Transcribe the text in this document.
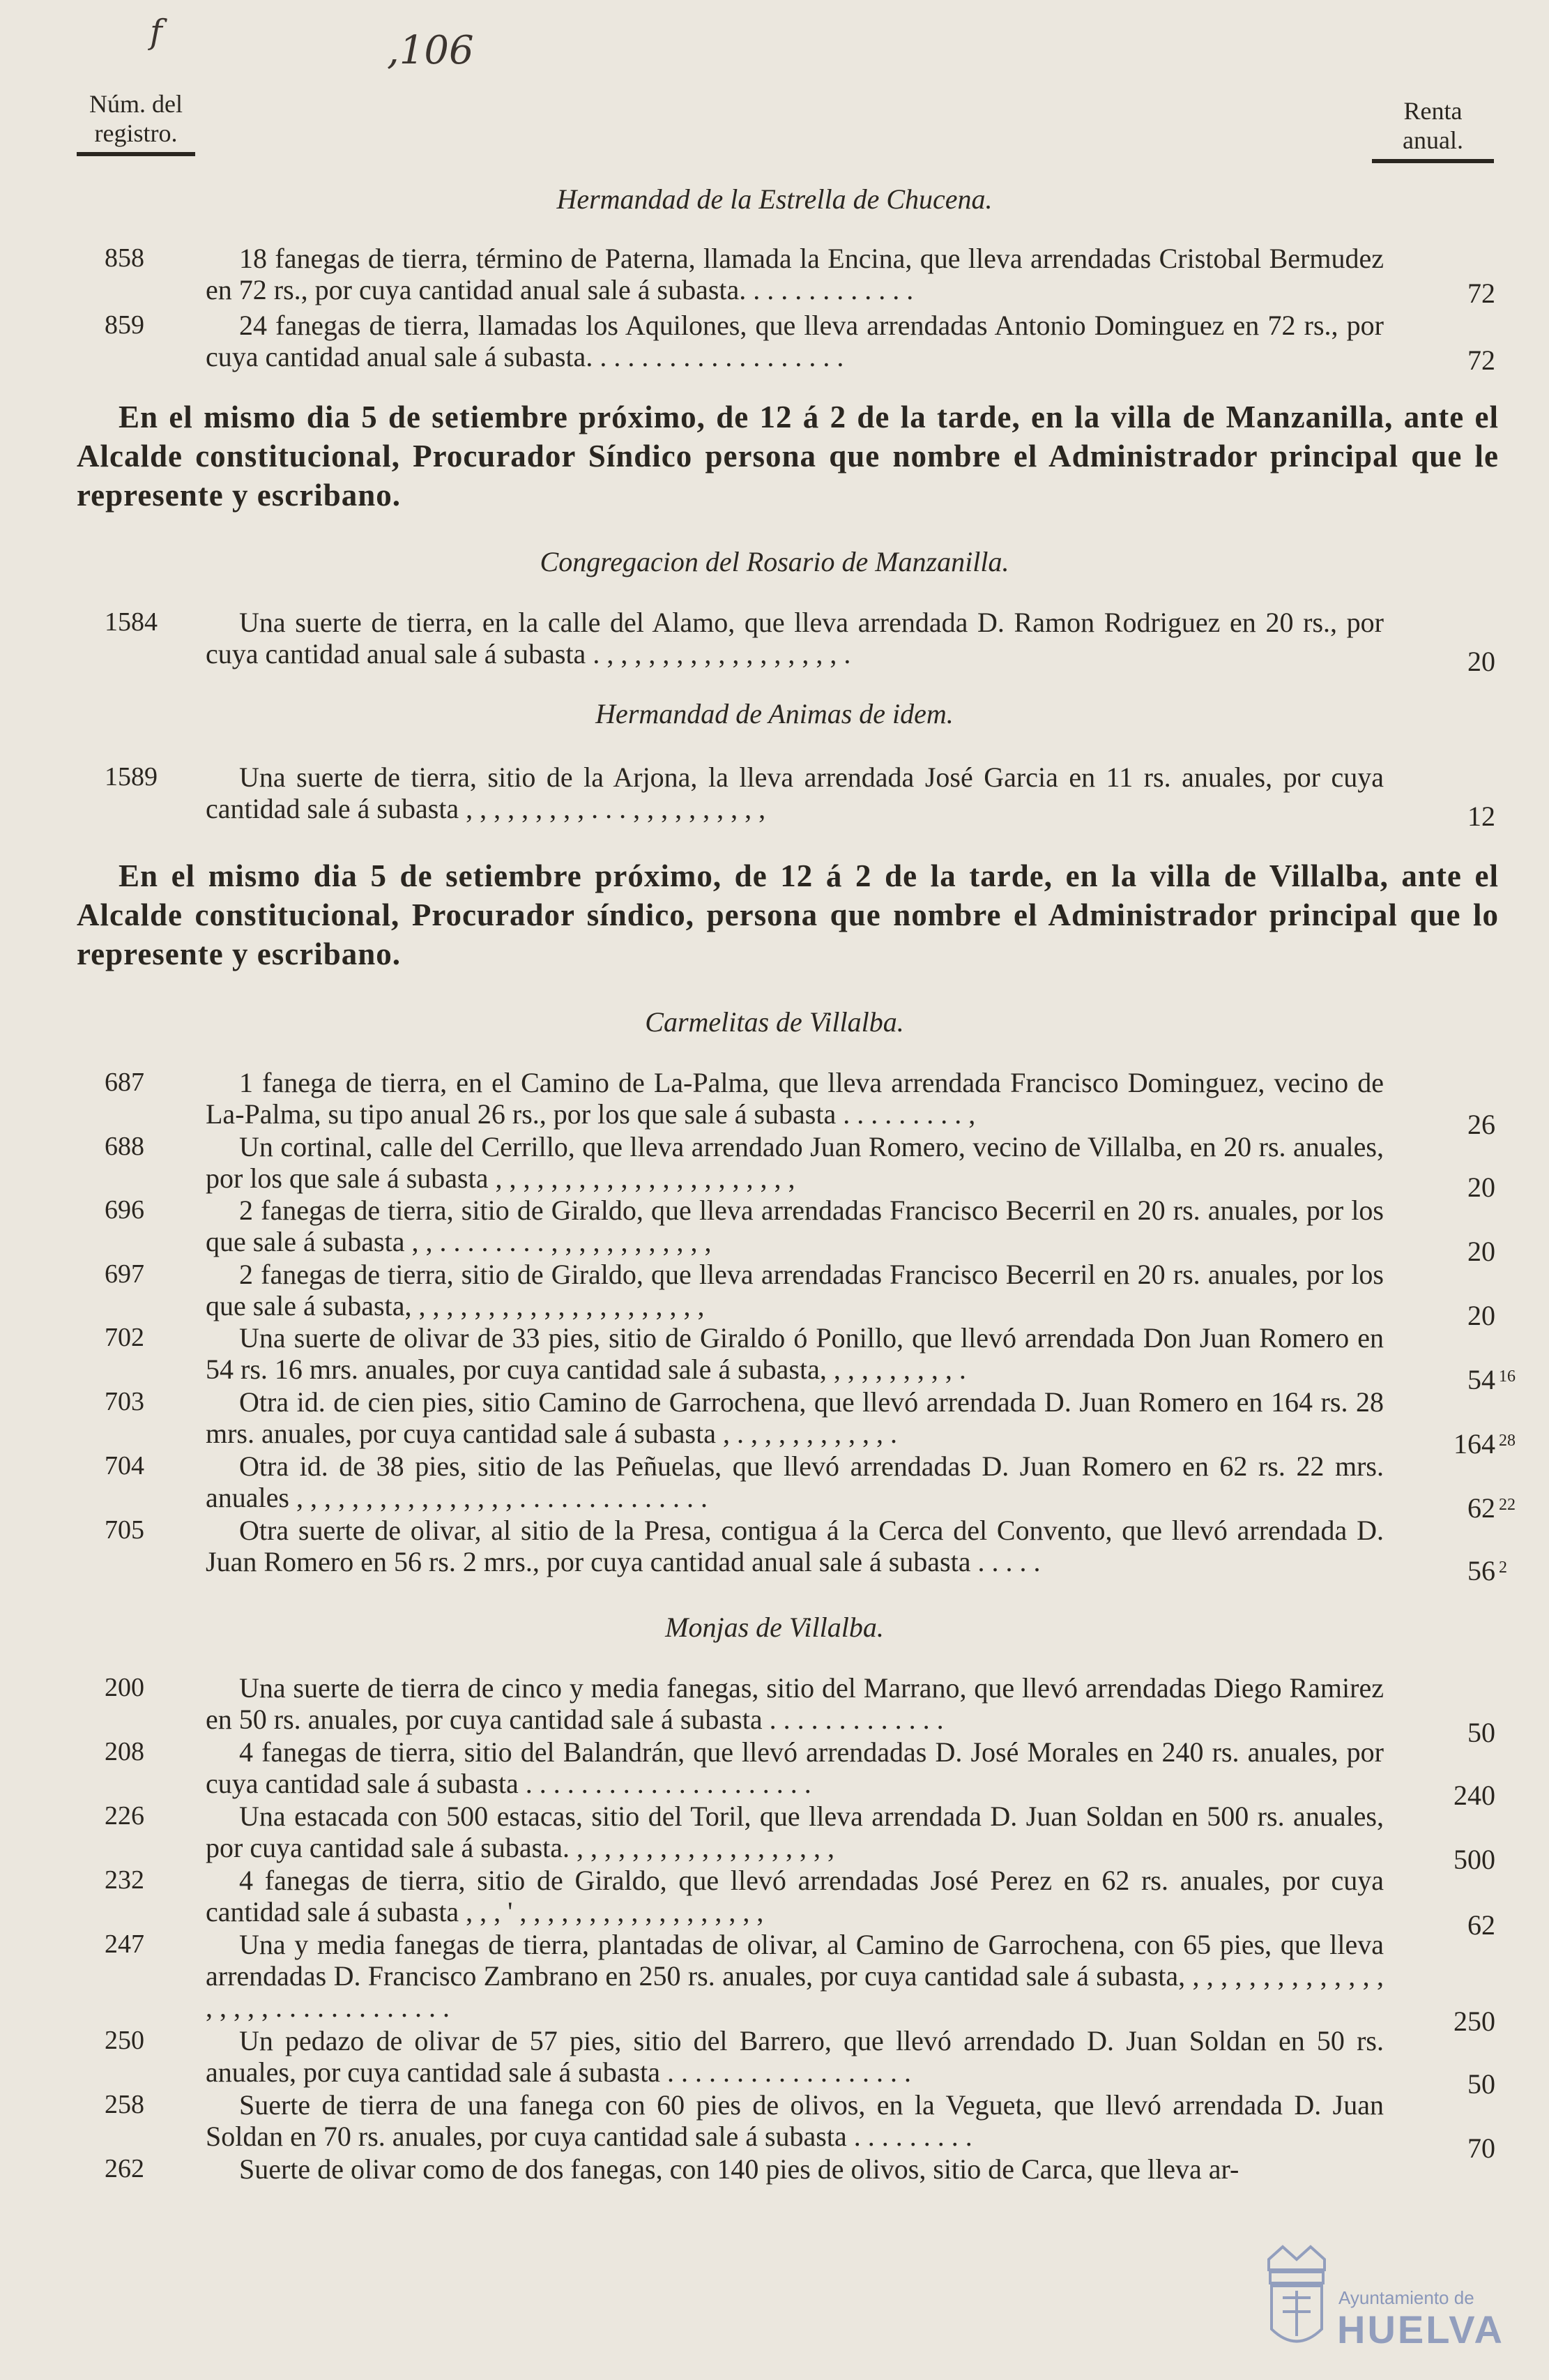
f	,106
Núm. del
registro.
Renta
anual.
Hermandad de la Estrella de Chucena.
858	18 fanegas de tierra, término de Paterna, llamada la Encina, que lleva arrendadas Cristobal Bermudez en 72 rs., por cuya cantidad anual sale á subasta. . . . . . . . . . . . .	72
859	24 fanegas de tierra, llamadas los Aquilones, que lleva arrendadas Antonio Dominguez en 72 rs., por cuya cantidad anual sale á subasta. . . . . . . . . . . . . . . . . . .	72
En el mismo dia 5 de setiembre próximo, de 12 á 2 de la tarde, en la villa de Manzanilla, ante el Alcalde constitucional, Procurador Síndico persona que nombre el Administrador principal que le represente y escribano.
Congregacion del Rosario de Manzanilla.
1584	Una suerte de tierra, en la calle del Alamo, que lleva arrendada D. Ramon Rodriguez en 20 rs., por cuya cantidad anual sale á subasta . , , , , , , , , , , , , , , , , , .	20
Hermandad de Animas de idem.
1589	Una suerte de tierra, sitio de la Arjona, la lleva arrendada José Garcia en 11 rs. anuales, por cuya cantidad sale á subasta , , , , , , , , , . . . , , , , , , , , , ,	12
En el mismo dia 5 de setiembre próximo, de 12 á 2 de la tarde, en la villa de Villalba, ante el Alcalde constitucional, Procurador síndico, persona que nombre el Administrador principal que lo represente y escribano.
Carmelitas de Villalba.
687	1 fanega de tierra, en el Camino de La-Palma, que lleva arrendada Francisco Dominguez, vecino de La-Palma, su tipo anual 26 rs., por los que sale á subasta . . . . . . . . . ,	26
688	Un cortinal, calle del Cerrillo, que lleva arrendado Juan Romero, vecino de Villalba, en 20 rs. anuales, por los que sale á subasta , , , , , , , , , , , , , , , , , , , , , ,	20
696	2 fanegas de tierra, sitio de Giraldo, que lleva arrendadas Francisco Becerril en 20 rs. anuales, por los que sale á subasta , , . . . . . . . . , , , , , , , , , , , ,	20
697	2 fanegas de tierra, sitio de Giraldo, que lleva arrendadas Francisco Becerril en 20 rs. anuales, por los que sale á subasta, , , , , , , , , , , , , , , , , , , , , ,	20
702	Una suerte de olivar de 33 pies, sitio de Giraldo ó Ponillo, que llevó arrendada Don Juan Romero en 54 rs. 16 mrs. anuales, por cuya cantidad sale á subasta, , , , , , , , , , .	54 16
703	Otra id. de cien pies, sitio Camino de Garrochena, que llevó arrendada D. Juan Romero en 164 rs. 28 mrs. anuales, por cuya cantidad sale á subasta , . , , , , , , , , , , .	164 28
704	Otra id. de 38 pies, sitio de las Peñuelas, que llevó arrendadas D. Juan Romero en 62 rs. 22 mrs. anuales , , , , , , , , , , , , , , , , . . . . . . . . . . . . . .	62 22
705	Otra suerte de olivar, al sitio de la Presa, contigua á la Cerca del Convento, que llevó arrendada D. Juan Romero en 56 rs. 2 mrs., por cuya cantidad anual sale á subasta . . . . .	56 2
Monjas de Villalba.
200	Una suerte de tierra de cinco y media fanegas, sitio del Marrano, que llevó arrendadas Diego Ramirez en 50 rs. anuales, por cuya cantidad sale á subasta . . . . . . . . . . . . .	50
208	4 fanegas de tierra, sitio del Balandrán, que llevó arrendadas D. José Morales en 240 rs. anuales, por cuya cantidad sale á subasta . . . . . . . . . . . . . . . . . . . . .	240
226	Una estacada con 500 estacas, sitio del Toril, que lleva arrendada D. Juan Soldan en 500 rs. anuales, por cuya cantidad sale á subasta. , , , , , , , , , , , , , , , , , , ,	500
232	4 fanegas de tierra, sitio de Giraldo, que llevó arrendadas José Perez en 62 rs. anuales, por cuya cantidad sale á subasta , , , ' , , , , , , , , , , , , , , , , , ,	62
247	Una y media fanegas de tierra, plantadas de olivar, al Camino de Garrochena, con 65 pies, que lleva arrendadas D. Francisco Zambrano en 250 rs. anuales, por cuya cantidad sale á subasta, , , , , , , , , , , , , , , , , , , , . . . . . . . . . . . . .	250
250	Un pedazo de olivar de 57 pies, sitio del Barrero, que llevó arrendado D. Juan Soldan en 50 rs. anuales, por cuya cantidad sale á subasta . . . . . . . . . . . . . . . . . .	50
258	Suerte de tierra de una fanega con 60 pies de olivos, en la Vegueta, que llevó arrendada D. Juan Soldan en 70 rs. anuales, por cuya cantidad sale á subasta . . . . . . . . .	70
262	Suerte de olivar como de dos fanegas, con 140 pies de olivos, sitio de Carca, que lleva ar-
Ayuntamiento de
HUELVA
